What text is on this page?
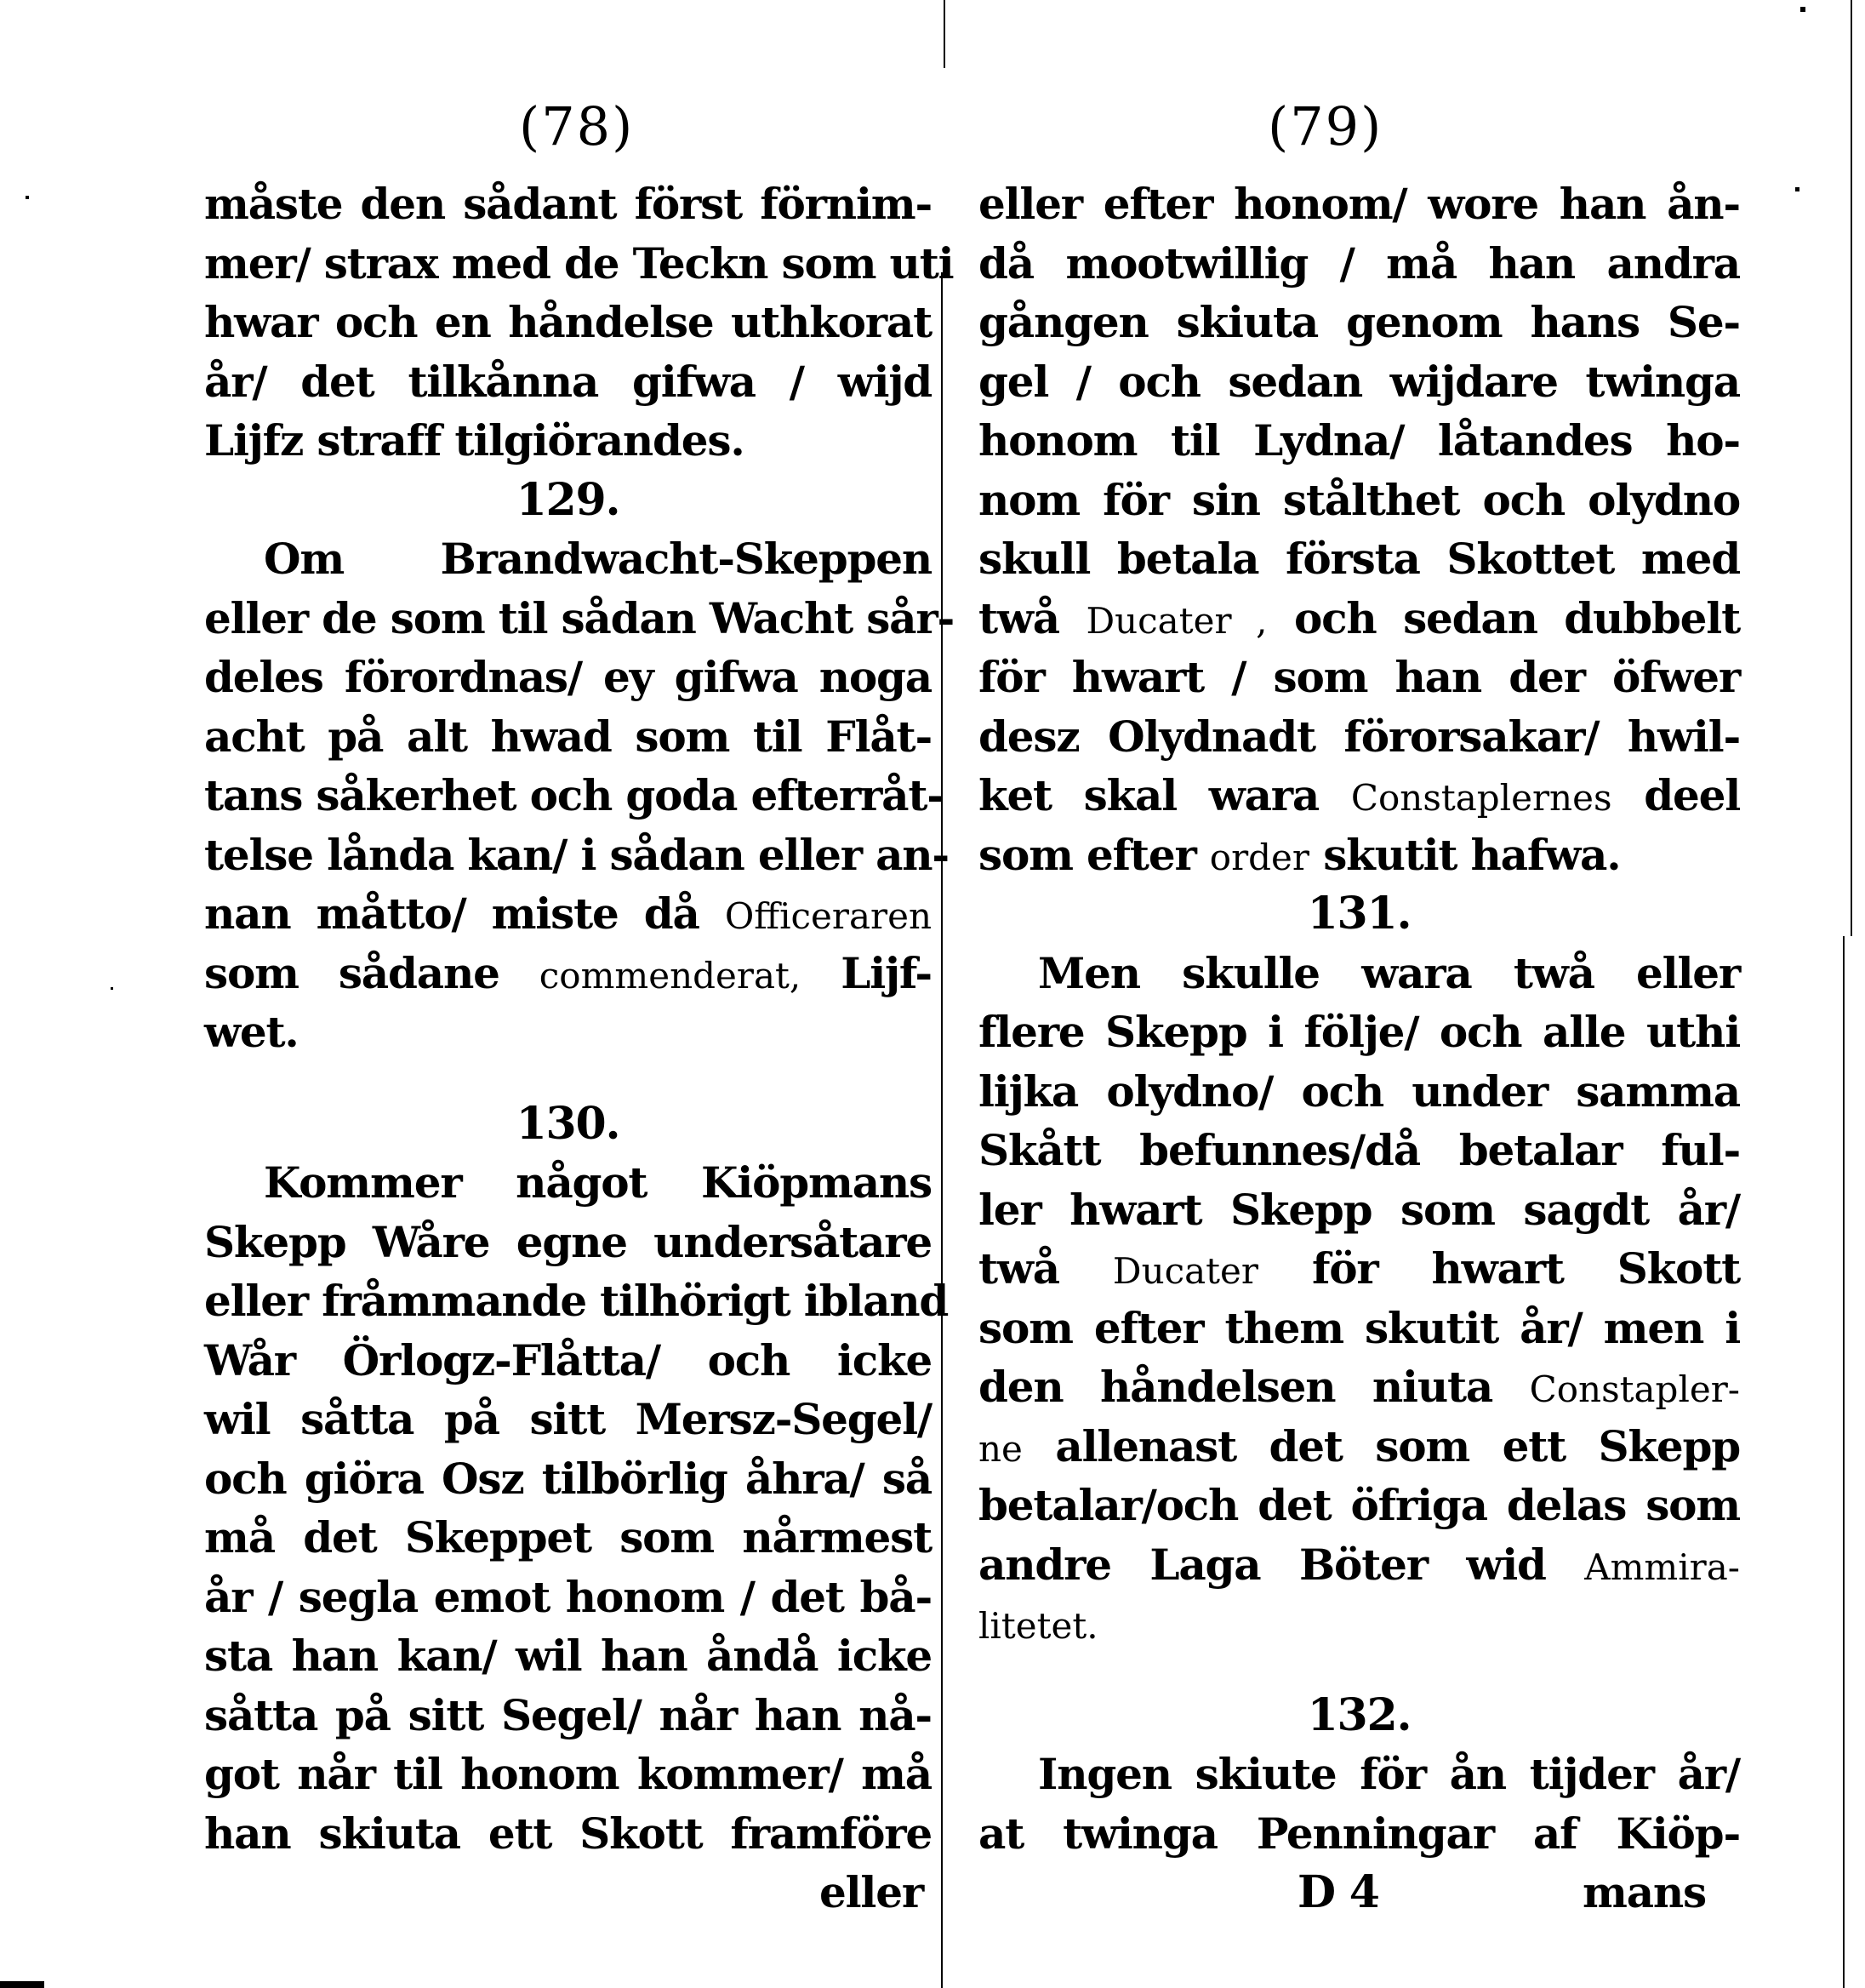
(78)
måste den sådant först förnim-
mer/ strax med de Teckn som uti
hwar och en håndelse uthkorat
år/ det tilkånna gifwa / wijd
Lijfz straff tilgiörandes.
129.
Om Brandwacht-Skeppen
eller de som til sådan Wacht sår-
deles förordnas/ ey gifwa noga
acht på alt hwad som til Flåt-
tans såkerhet och goda efterråt-
telse lånda kan/ i sådan eller an-
nan måtto/ miste då Officeraren
som sådane commenderat, Lijf-
wet.
130.
Kommer något Kiöpmans
Skepp Wåre egne undersåtare
eller fråmmande tilhörigt ibland
Wår Örlogz-Flåtta/ och icke
wil såtta på sitt Mersz-Segel/
och giöra Osz tilbörlig åhra/ så
må det Skeppet som nårmest
år / segla emot honom / det bå-
sta han kan/ wil han åndå icke
såtta på sitt Segel/ når han nå-
got når til honom kommer/ må
han skiuta ett Skott framföre
eller
(79)
eller efter honom/ wore han ån-
då mootwillig / må han andra
gången skiuta genom hans Se-
gel / och sedan wijdare twinga
honom til Lydna/ låtandes ho-
nom för sin stålthet och olydno
skull betala första Skottet med
twå Ducater , och sedan dubbelt
för hwart / som han der öfwer
desz Olydnadt förorsakar/ hwil-
ket skal wara Constaplernes deel
som efter order skutit hafwa.
131.
Men skulle wara twå eller
flere Skepp i följe/ och alle uthi
lijka olydno/ och under samma
Skått befunnes/då betalar ful-
ler hwart Skepp som sagdt år/
twå Ducater för hwart Skott
som efter them skutit år/ men i
den håndelsen niuta Constapler-
ne allenast det som ett Skepp
betalar/och det öfriga delas som
andre Laga Böter wid Ammira-
litetet.
132.
Ingen skiute för ån tijder år/
at twinga Penningar af Kiöp-
D 4	mans
